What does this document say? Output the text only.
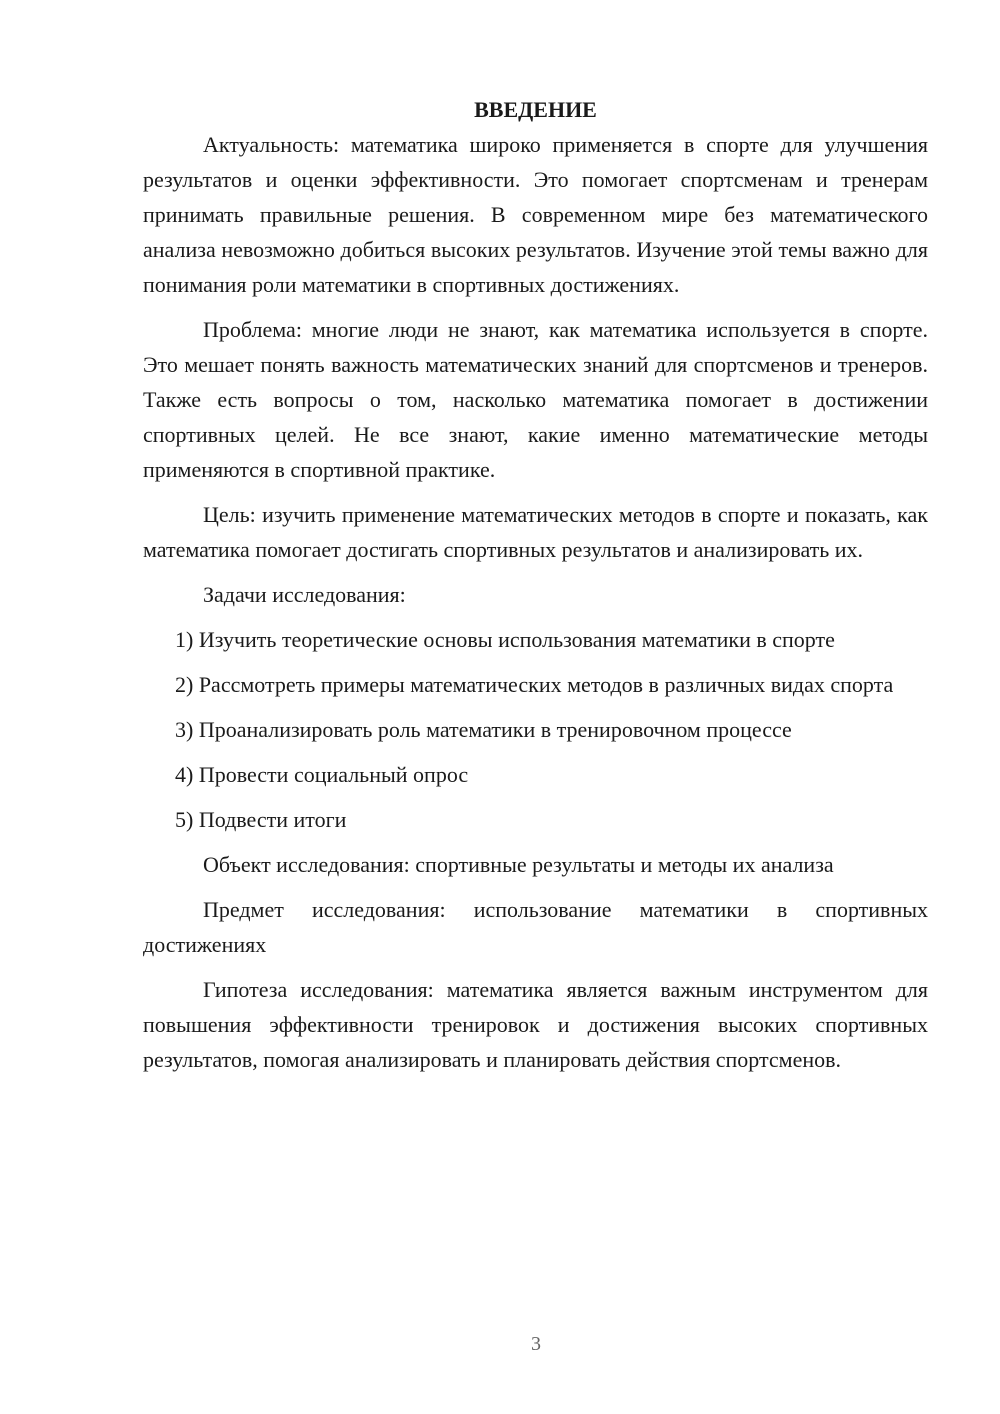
ВВЕДЕНИЕ

Актуальность: математика широко применяется в спорте для улучшения результатов и оценки эффективности. Это помогает спортсменам и тренерам принимать правильные решения. В современном мире без математического анализа невозможно добиться высоких результатов. Изучение этой темы важно для понимания роли математики в спортивных достижениях.

Проблема: многие люди не знают, как математика используется в спорте. Это мешает понять важность математических знаний для спортсменов и тренеров. Также есть вопросы о том, насколько математика помогает в достижении спортивных целей. Не все знают, какие именно математические методы применяются в спортивной практике.

Цель: изучить применение математических методов в спорте и показать, как математика помогает достигать спортивных результатов и анализировать их.

Задачи исследования:

1) Изучить теоретические основы использования математики в спорте

2) Рассмотреть примеры математических методов в различных видах спорта

3) Проанализировать роль математики в тренировочном процессе

4) Провести социальный опрос

5) Подвести итоги

Объект исследования: спортивные результаты и методы их анализа

Предмет исследования: использование математики в спортивных достижениях

Гипотеза исследования: математика является важным инструментом для повышения эффективности тренировок и достижения высоких спортивных результатов, помогая анализировать и планировать действия спортсменов.

3
